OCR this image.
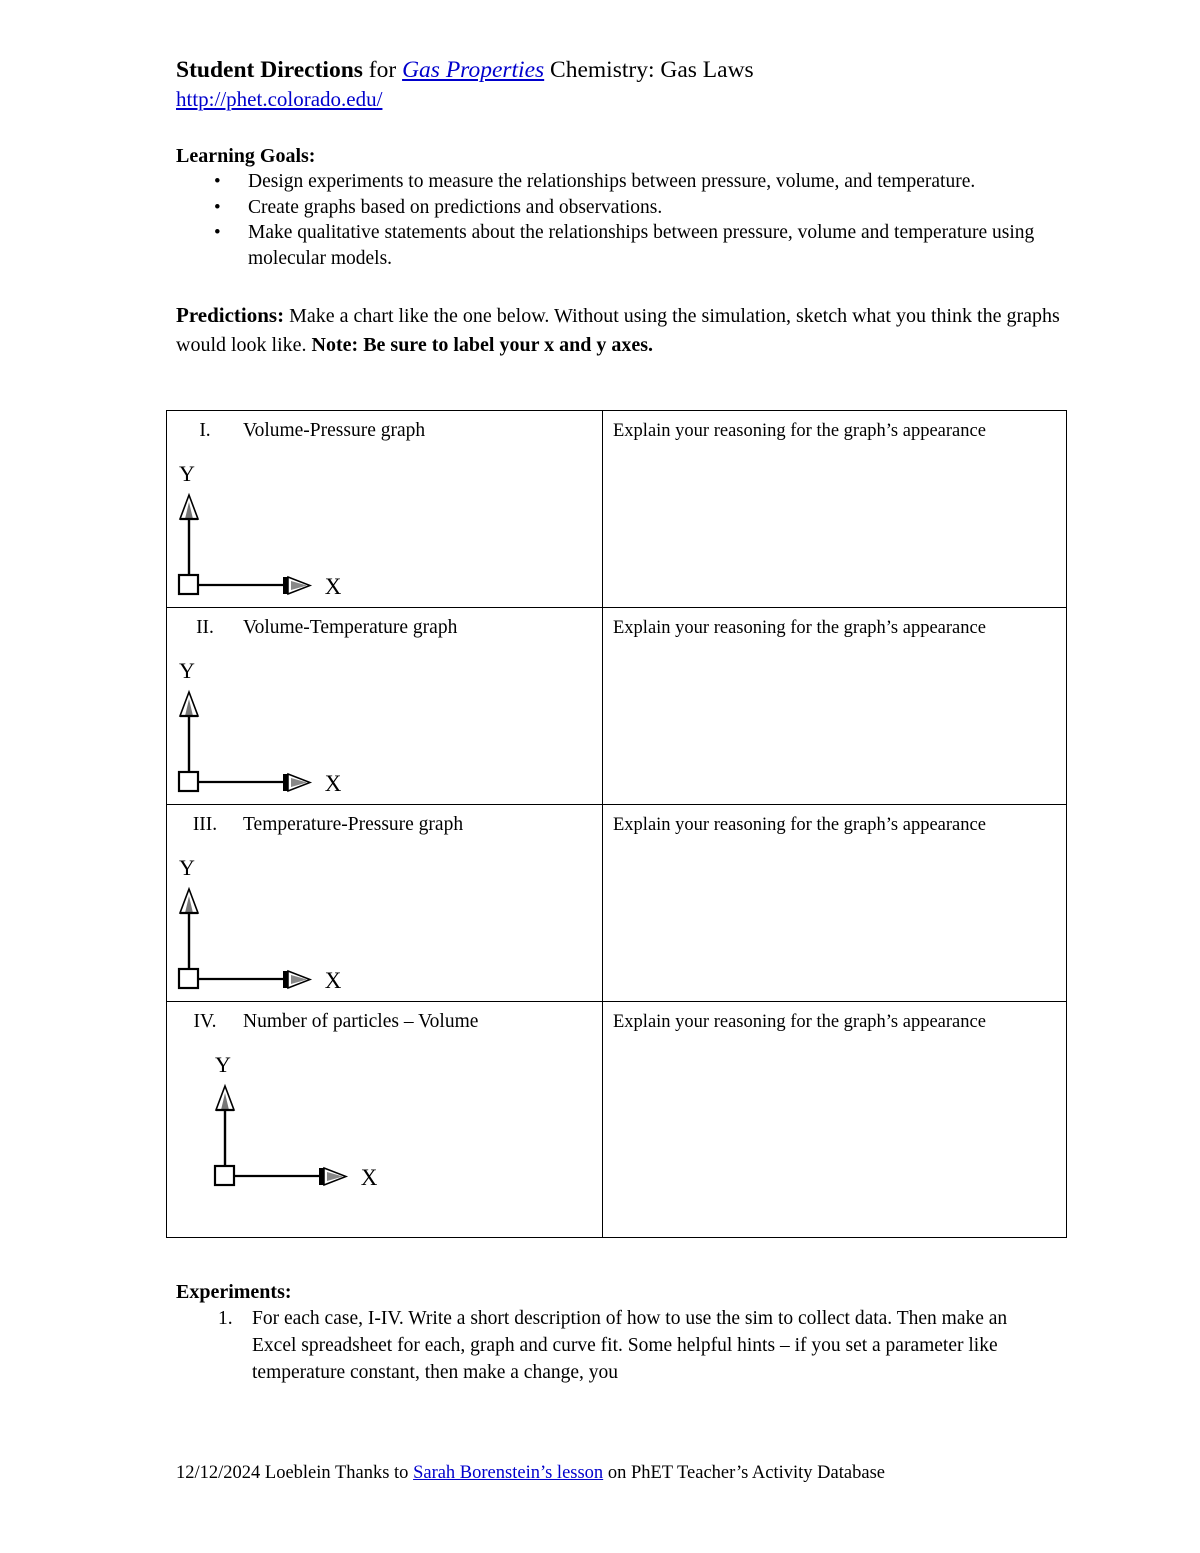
Student Directions for Gas Properties Chemistry: Gas Laws
http://phet.colorado.edu/
Learning Goals:
• Design experiments to measure the relationships between pressure, volume, and temperature.
• Create graphs based on predictions and observations.
• Make qualitative statements about the relationships between pressure, volume and temperature using molecular models.
Predictions: Make a chart like the one below. Without using the simulation, sketch what you think the graphs would look like. Note: Be sure to label your x and y axes.
I. Volume-Pressure graph
Y
X	Explain your reasoning for the graph’s appearance

II. Volume-Temperature graph
Y
X	Explain your reasoning for the graph’s appearance

III. Temperature-Pressure graph
Y
X	Explain your reasoning for the graph’s appearance

IV. Number of particles – Volume
Y
X	Explain your reasoning for the graph’s appearance
Experiments:
1. For each case, I-IV. Write a short description of how to use the sim to collect data. Then make an Excel spreadsheet for each, graph and curve fit. Some helpful hints – if you set a parameter like temperature constant, then make a change, you
12/12/2024 Loeblein Thanks to Sarah Borenstein’s lesson on PhET Teacher’s Activity Database
